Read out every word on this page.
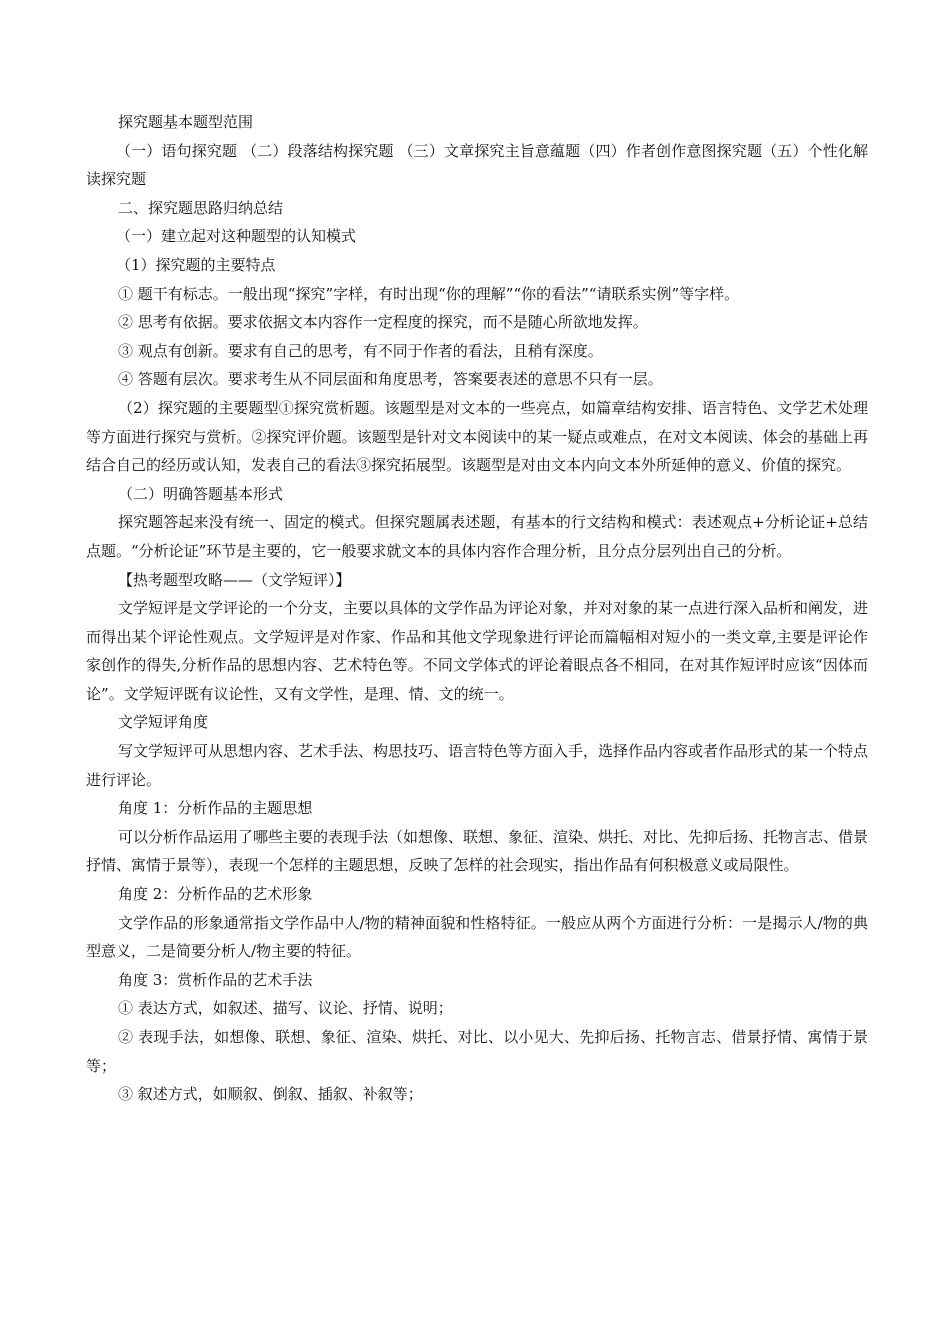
探究题基本题型范围

（一）语句探究题 （二）段落结构探究题 （三）文章探究主旨意蕴题（四）作者创作意图探究题（五）个性化解读探究题

二、探究题思路归纳总结

（一）建立起对这种题型的认知模式

（1）探究题的主要特点

① 题干有标志。一般出现“探究”字样，有时出现“你的理解”“你的看法”“请联系实例”等字样。

② 思考有依据。要求依据文本内容作一定程度的探究，而不是随心所欲地发挥。

③ 观点有创新。要求有自己的思考，有不同于作者的看法，且稍有深度。

④ 答题有层次。要求考生从不同层面和角度思考，答案要表述的意思不只有一层。

（2）探究题的主要题型①探究赏析题。该题型是对文本的一些亮点，如篇章结构安排、语言特色、文学艺术处理等方面进行探究与赏析。②探究评价题。该题型是针对文本阅读中的某一疑点或难点，在对文本阅读、体会的基础上再结合自己的经历或认知，发表自己的看法③探究拓展型。该题型是对由文本内向文本外所延伸的意义、价值的探究。

（二）明确答题基本形式

探究题答起来没有统一、固定的模式。但探究题属表述题，有基本的行文结构和模式：表述观点+分析论证+总结点题。“分析论证”环节是主要的，它一般要求就文本的具体内容作合理分析，且分点分层列出自己的分析。

【热考题型攻略——（文学短评）】

文学短评是文学评论的一个分支，主要以具体的文学作品为评论对象，并对对象的某一点进行深入品析和阐发，进而得出某个评论性观点。文学短评是对作家、作品和其他文学现象进行评论而篇幅相对短小的一类文章,主要是评论作家创作的得失,分析作品的思想内容、艺术特色等。不同文学体式的评论着眼点各不相同，在对其作短评时应该“因体而论”。文学短评既有议论性，又有文学性，是理、情、文的统一。

文学短评角度

写文学短评可从思想内容、艺术手法、构思技巧、语言特色等方面入手，选择作品内容或者作品形式的某一个特点进行评论。

角度 1：分析作品的主题思想

可以分析作品运用了哪些主要的表现手法（如想像、联想、象征、渲染、烘托、对比、先抑后扬、托物言志、借景抒情、寓情于景等），表现一个怎样的主题思想，反映了怎样的社会现实，指出作品有何积极意义或局限性。

角度 2：分析作品的艺术形象

文学作品的形象通常指文学作品中人/物的精神面貌和性格特征。一般应从两个方面进行分析：一是揭示人/物的典型意义，二是简要分析人/物主要的特征。

角度 3：赏析作品的艺术手法

① 表达方式，如叙述、描写、议论、抒情、说明；

② 表现手法，如想像、联想、象征、渲染、烘托、对比、以小见大、先抑后扬、托物言志、借景抒情、寓情于景等；

③ 叙述方式，如顺叙、倒叙、插叙、补叙等；
